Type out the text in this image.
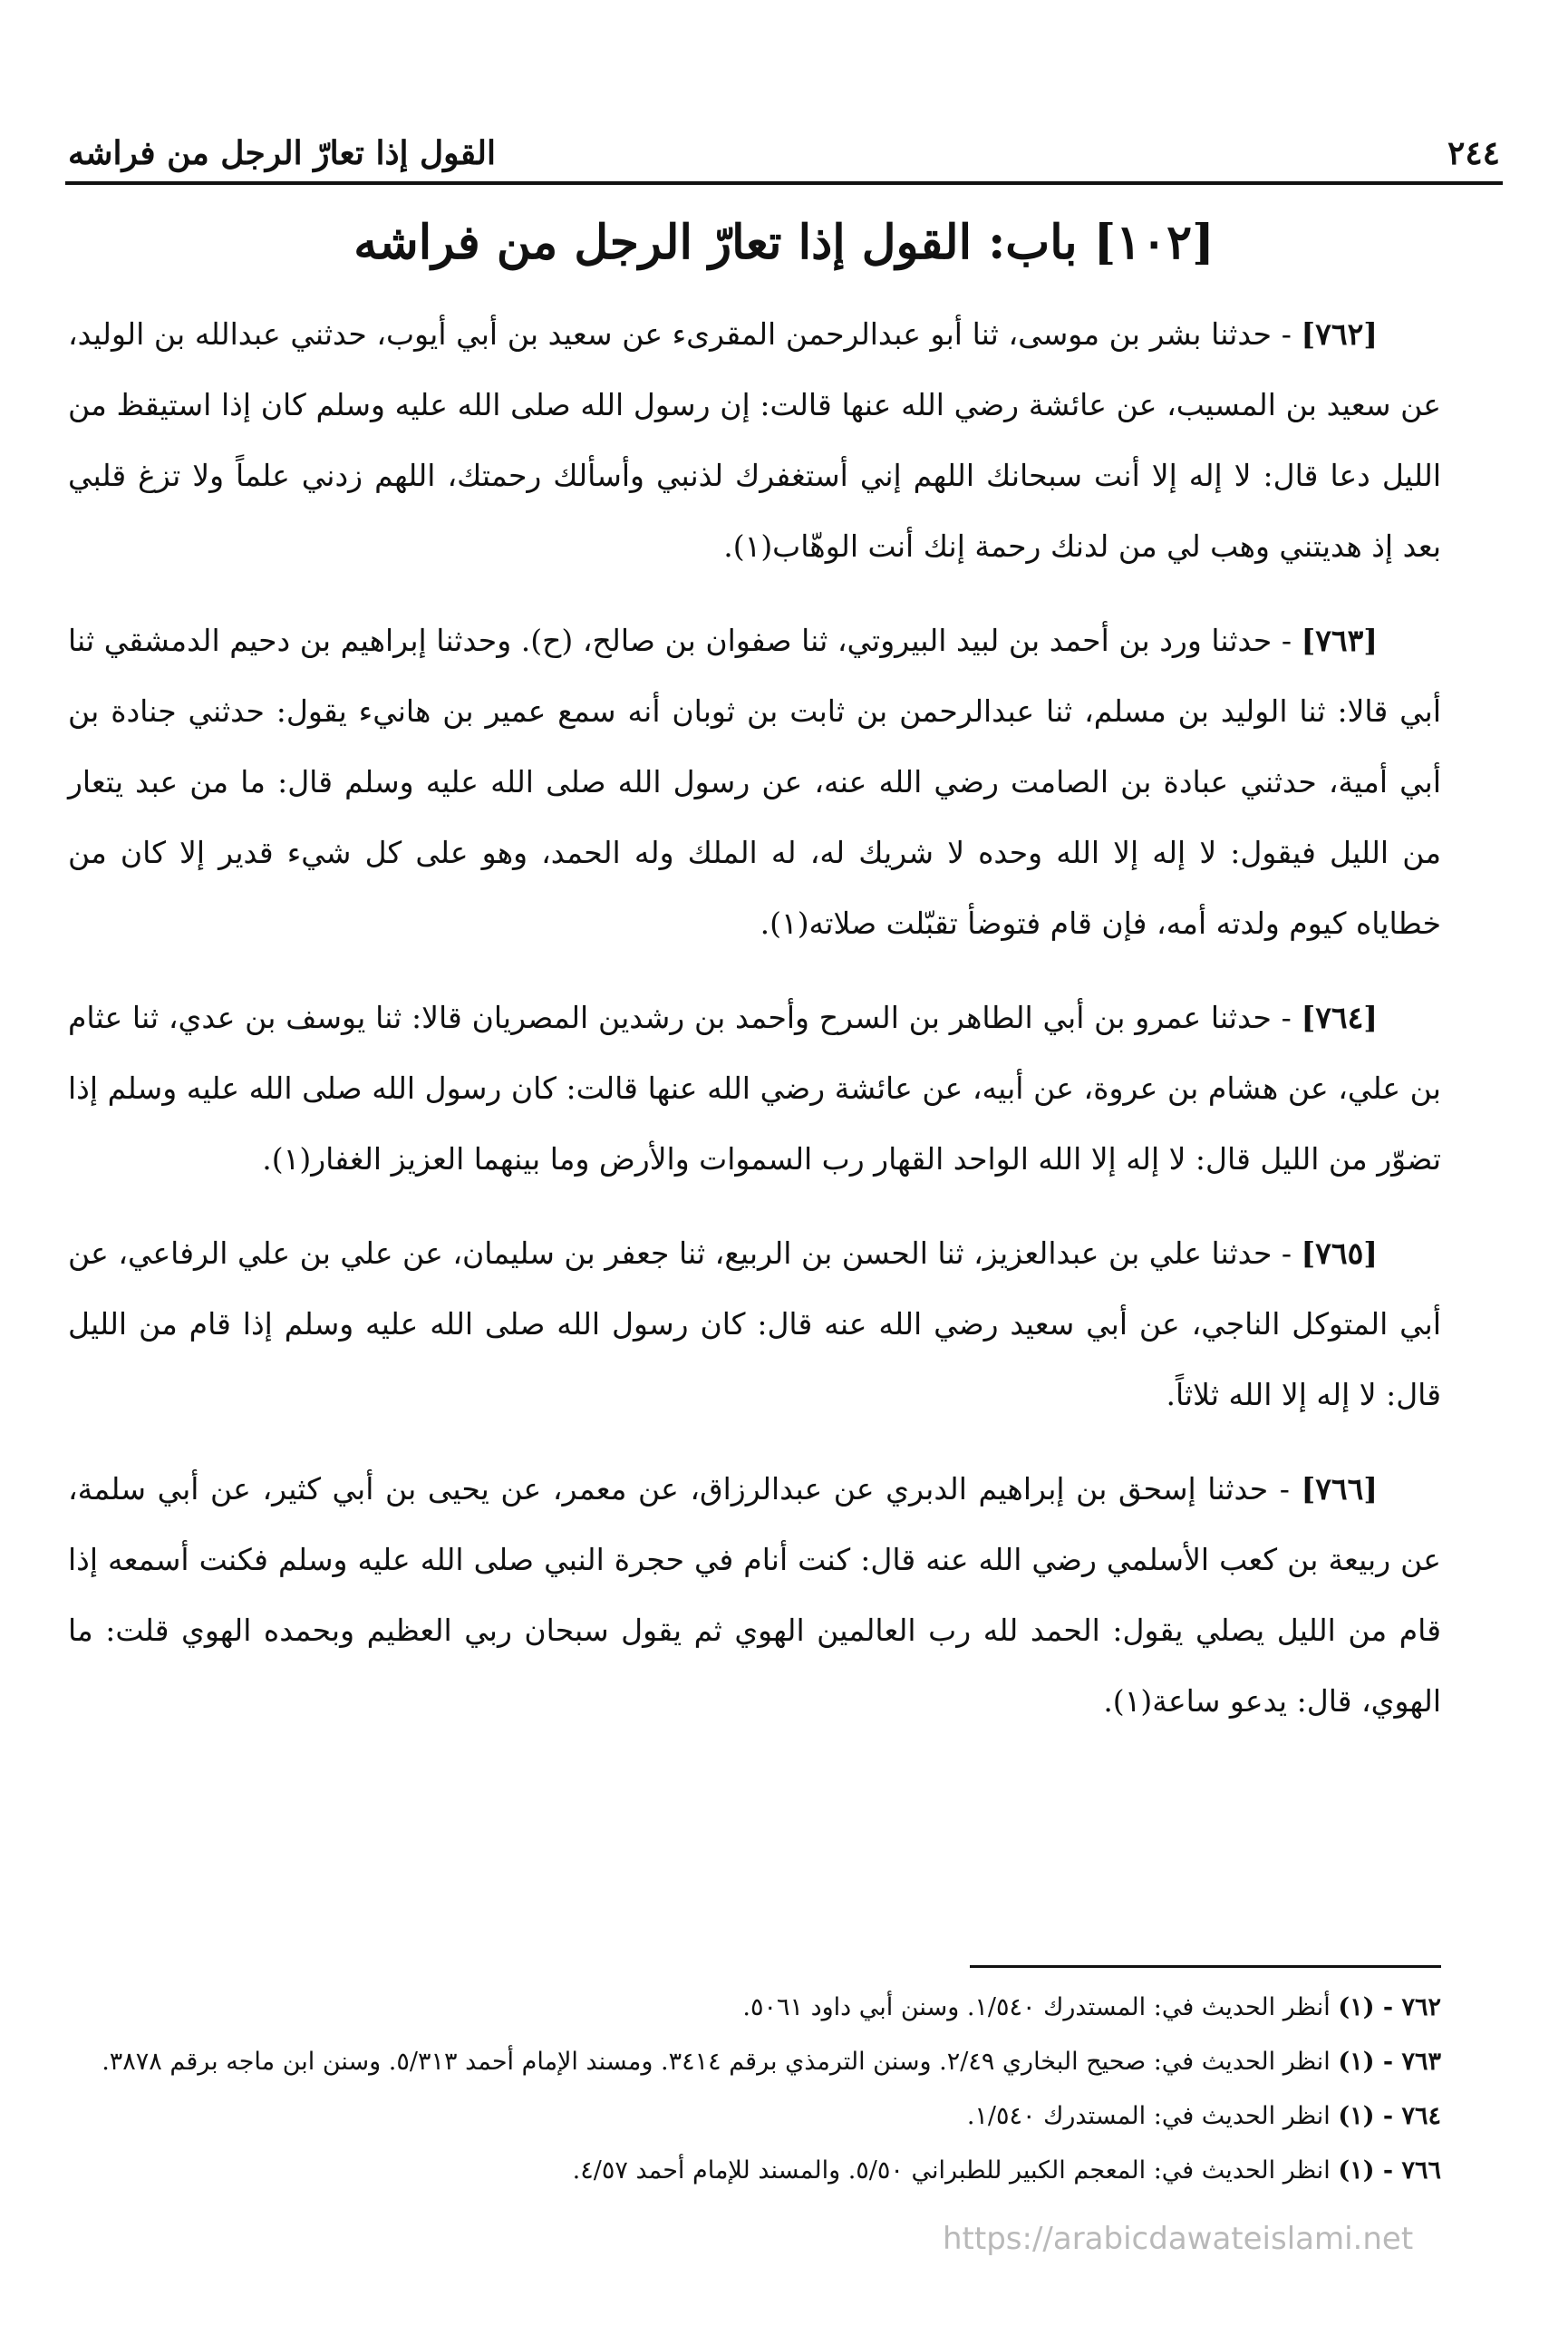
٢٤٤
القول إذا تعارّ الرجل من فراشه
[١٠٢] باب: القول إذا تعارّ الرجل من فراشه

[٧٦٢] - حدثنا بشر بن موسى، ثنا أبو عبدالرحمن المقرىء عن سعيد بن أبي أيوب، حدثني عبدالله بن الوليد، عن سعيد بن المسيب، عن عائشة رضي الله عنها قالت: إن رسول الله صلى الله عليه وسلم كان إذا استيقظ من الليل دعا قال: لا إله إلا أنت سبحانك اللهم إني أستغفرك لذنبي وأسألك رحمتك، اللهم زدني علماً ولا تزغ قلبي بعد إذ هديتني وهب لي من لدنك رحمة إنك أنت الوهّاب(١).

[٧٦٣] - حدثنا ورد بن أحمد بن لبيد البيروتي، ثنا صفوان بن صالح، (ح). وحدثنا إبراهيم بن دحيم الدمشقي ثنا أبي قالا: ثنا الوليد بن مسلم، ثنا عبدالرحمن بن ثابت بن ثوبان أنه سمع عمير بن هانيء يقول: حدثني جنادة بن أبي أمية، حدثني عبادة بن الصامت رضي الله عنه، عن رسول الله صلى الله عليه وسلم قال: ما من عبد يتعار من الليل فيقول: لا إله إلا الله وحده لا شريك له، له الملك وله الحمد، وهو على كل شيء قدير إلا كان من خطاياه كيوم ولدته أمه، فإن قام فتوضأ تقبّلت صلاته(١).

[٧٦٤] - حدثنا عمرو بن أبي الطاهر بن السرح وأحمد بن رشدين المصريان قالا: ثنا يوسف بن عدي، ثنا عثام بن علي، عن هشام بن عروة، عن أبيه، عن عائشة رضي الله عنها قالت: كان رسول الله صلى الله عليه وسلم إذا تضوّر من الليل قال: لا إله إلا الله الواحد القهار رب السموات والأرض وما بينهما العزيز الغفار(١).

[٧٦٥] - حدثنا علي بن عبدالعزيز، ثنا الحسن بن الربيع، ثنا جعفر بن سليمان، عن علي بن علي الرفاعي، عن أبي المتوكل الناجي، عن أبي سعيد رضي الله عنه قال: كان رسول الله صلى الله عليه وسلم إذا قام من الليل قال: لا إله إلا الله ثلاثاً.

[٧٦٦] - حدثنا إسحق بن إبراهيم الدبري عن عبدالرزاق، عن معمر، عن يحيى بن أبي كثير، عن أبي سلمة، عن ربيعة بن كعب الأسلمي رضي الله عنه قال: كنت أنام في حجرة النبي صلى الله عليه وسلم فكنت أسمعه إذا قام من الليل يصلي يقول: الحمد لله رب العالمين الهوي ثم يقول سبحان ربي العظيم وبحمده الهوي قلت: ما الهوي، قال: يدعو ساعة(١).

٧٦٢ - (١) أنظر الحديث في: المستدرك ١/٥٤٠. وسنن أبي داود ٥٠٦١.

٧٦٣ - (١) انظر الحديث في: صحيح البخاري ٢/٤٩. وسنن الترمذي برقم ٣٤١٤. ومسند الإمام أحمد ٥/٣١٣. وسنن ابن ماجه برقم ٣٨٧٨.

٧٦٤ - (١) انظر الحديث في: المستدرك ١/٥٤٠.

٧٦٦ - (١) انظر الحديث في: المعجم الكبير للطبراني ٥/٥٠. والمسند للإمام أحمد ٤/٥٧.

https://arabicdawateislami.net
